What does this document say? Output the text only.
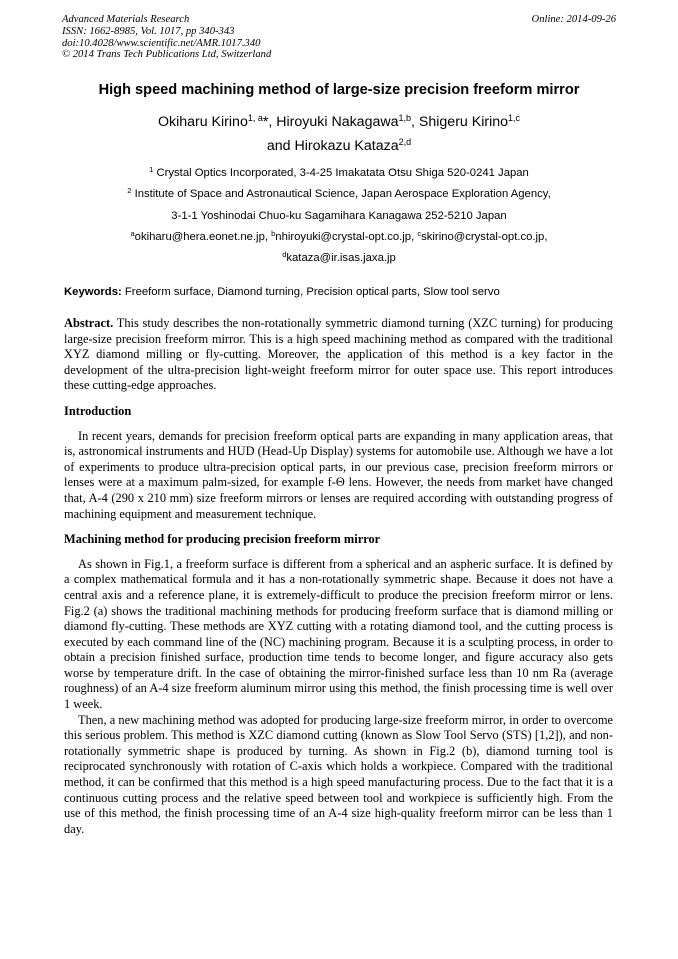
Advanced Materials Research
ISSN: 1662-8985, Vol. 1017, pp 340-343
doi:10.4028/www.scientific.net/AMR.1017.340
© 2014 Trans Tech Publications Ltd, Switzerland
Online: 2014-09-26
High speed machining method of large-size precision freeform mirror
Okiharu Kirino$^{1, a}$*, Hiroyuki Nakagawa$^{1,b}$, Shigeru Kirino$^{1,c}$
and Hirokazu Kataza$^{2,d}$
$^1$ Crystal Optics Incorporated, 3-4-25 Imakatata Otsu Shiga 520-0241 Japan
$^2$ Institute of Space and Astronautical Science, Japan Aerospace Exploration Agency,
3-1-1 Yoshinodai Chuo-ku Sagamihara Kanagawa 252-5210 Japan
$^a$okiharu@hera.eonet.ne.jp, $^b$nhiroyuki@crystal-opt.co.jp, $^c$skirino@crystal-opt.co.jp,
$^d$kataza@ir.isas.jaxa.jp
Keywords: Freeform surface, Diamond turning, Precision optical parts, Slow tool servo

Abstract. This study describes the non-rotationally symmetric diamond turning (XZC turning) for producing large-size precision freeform mirror. This is a high speed machining method as compared with the traditional XYZ diamond milling or fly-cutting. Moreover, the application of this method is a key factor in the development of the ultra-precision light-weight freeform mirror for outer space use. This report introduces these cutting-edge approaches.

Introduction

In recent years, demands for precision freeform optical parts are expanding in many application areas, that is, astronomical instruments and HUD (Head-Up Display) systems for automobile use. Although we have a lot of experiments to produce ultra-precision optical parts, in our previous case, precision freeform mirrors or lenses were at a maximum palm-sized, for example f-Θ lens. However, the needs from market have changed that, A-4 (290 x 210 mm) size freeform mirrors or lenses are required according with outstanding progress of machining equipment and measurement technique.

Machining method for producing precision freeform mirror

As shown in Fig.1, a freeform surface is different from a spherical and an aspheric surface. It is defined by a complex mathematical formula and it has a non-rotationally symmetric shape. Because it does not have a central axis and a reference plane, it is extremely-difficult to produce the precision freeform mirror or lens. Fig.2 (a) shows the traditional machining methods for producing freeform surface that is diamond milling or diamond fly-cutting. These methods are XYZ cutting with a rotating diamond tool, and the cutting process is executed by each command line of the (NC) machining program. Because it is a sculpting process, in order to obtain a precision finished surface, production time tends to become longer, and figure accuracy also gets worse by temperature drift. In the case of obtaining the mirror-finished surface less than 10 nm Ra (average roughness) of an A-4 size freeform aluminum mirror using this method, the finish processing time is well over 1 week.

Then, a new machining method was adopted for producing large-size freeform mirror, in order to overcome this serious problem. This method is XZC diamond cutting (known as Slow Tool Servo (STS) [1,2]), and non-rotationally symmetric shape is produced by turning. As shown in Fig.2 (b), diamond turning tool is reciprocated synchronously with rotation of C-axis which holds a workpiece. Compared with the traditional method, it can be confirmed that this method is a high speed manufacturing process. Due to the fact that it is a continuous cutting process and the relative speed between tool and workpiece is sufficiently high. From the use of this method, the finish processing time of an A-4 size high-quality freeform mirror can be less than 1 day.
